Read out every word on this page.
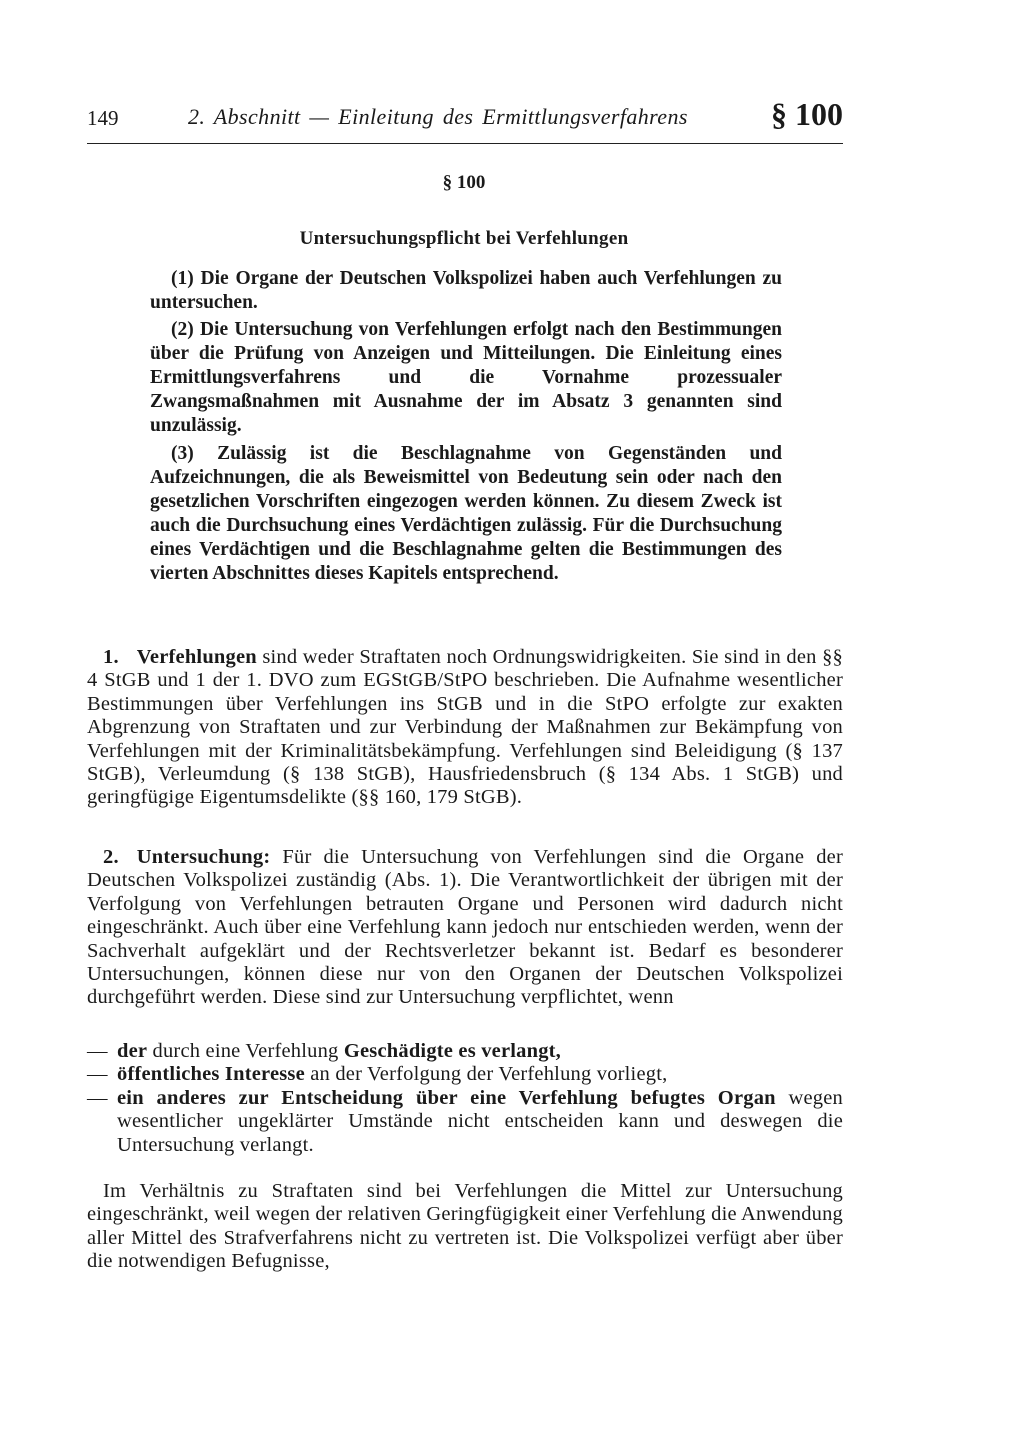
149	2. Abschnitt — Einleitung des Ermittlungsverfahrens	§ 100
§ 100
Untersuchungspflicht bei Verfehlungen

(1) Die Organe der Deutschen Volkspolizei haben auch Verfehlungen zu untersuchen.

(2) Die Untersuchung von Verfehlungen erfolgt nach den Bestimmungen über die Prüfung von Anzeigen und Mitteilungen. Die Einleitung eines Ermittlungsverfahrens und die Vornahme prozessualer Zwangsmaßnahmen mit Ausnahme der im Absatz 3 genannten sind unzulässig.

(3) Zulässig ist die Beschlagnahme von Gegenständen und Aufzeichnungen, die als Beweismittel von Bedeutung sein oder nach den gesetzlichen Vorschriften eingezogen werden können. Zu diesem Zweck ist auch die Durchsuchung eines Verdächtigen zulässig. Für die Durchsuchung eines Verdächtigen und die Beschlagnahme gelten die Bestimmungen des vierten Abschnittes dieses Kapitels entsprechend.

1. Verfehlungen sind weder Straftaten noch Ordnungswidrigkeiten. Sie sind in den §§ 4 StGB und 1 der 1. DVO zum EGStGB/StPO beschrieben. Die Aufnahme wesentlicher Bestimmungen über Verfehlungen ins StGB und in die StPO erfolgte zur exakten Abgrenzung von Straftaten und zur Verbindung der Maßnahmen zur Bekämpfung von Verfehlungen mit der Kriminalitätsbekämpfung. Verfehlungen sind Beleidigung (§ 137 StGB), Verleumdung (§ 138 StGB), Hausfriedensbruch (§ 134 Abs. 1 StGB) und geringfügige Eigentumsdelikte (§§ 160, 179 StGB).

2. Untersuchung: Für die Untersuchung von Verfehlungen sind die Organe der Deutschen Volkspolizei zuständig (Abs. 1). Die Verantwortlichkeit der übrigen mit der Verfolgung von Verfehlungen betrauten Organe und Personen wird dadurch nicht eingeschränkt. Auch über eine Verfehlung kann jedoch nur entschieden werden, wenn der Sachverhalt aufgeklärt und der Rechtsverletzer bekannt ist. Bedarf es besonderer Untersuchungen, können diese nur von den Organen der Deutschen Volkspolizei durchgeführt werden. Diese sind zur Untersuchung verpflichtet, wenn

— der durch eine Verfehlung Geschädigte es verlangt,
— öffentliches Interesse an der Verfolgung der Verfehlung vorliegt,
— ein anderes zur Entscheidung über eine Verfehlung befugtes Organ wegen wesentlicher ungeklärter Umstände nicht entscheiden kann und deswegen die Untersuchung verlangt.

Im Verhältnis zu Straftaten sind bei Verfehlungen die Mittel zur Untersuchung eingeschränkt, weil wegen der relativen Geringfügigkeit einer Verfehlung die Anwendung aller Mittel des Strafverfahrens nicht zu vertreten ist. Die Volkspolizei verfügt aber über die notwendigen Befugnisse,
